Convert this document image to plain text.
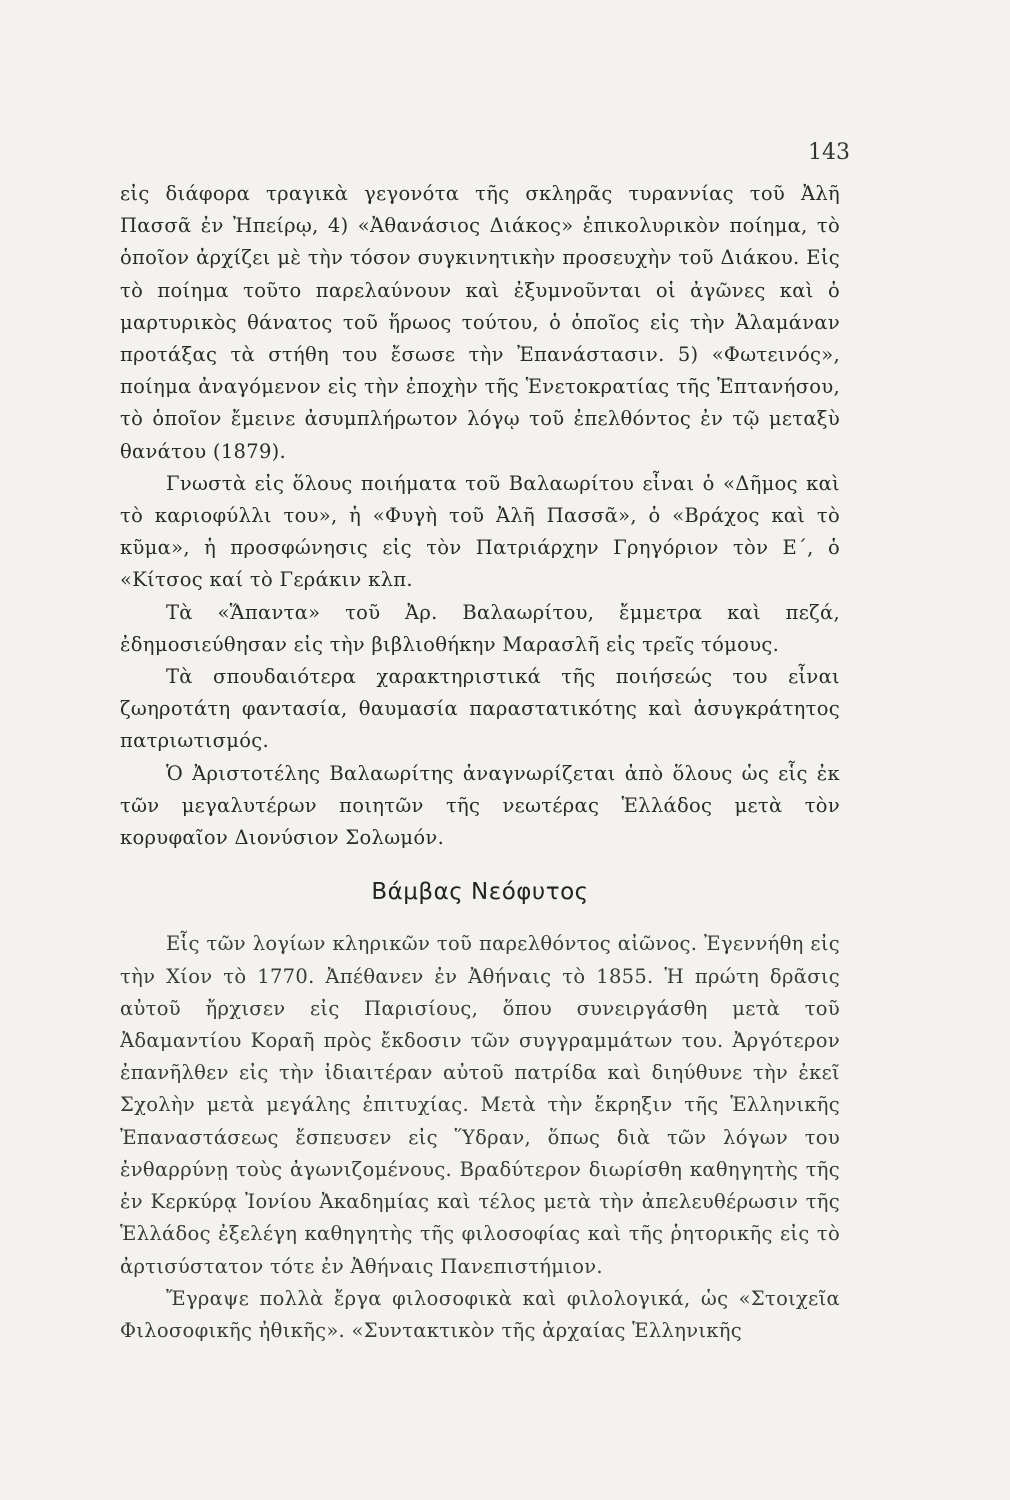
143

εἰς διάφορα τραγικὰ γεγονότα τῆς σκληρᾶς τυραννίας τοῦ Ἀλῆ Πασσᾶ ἐν Ἠπείρῳ, 4) «Ἀθανάσιος Διάκος» ἐπικολυρικὸν ποίημα, τὸ ὁποῖον ἀρχίζει μὲ τὴν τόσον συγκινητικὴν προσευχὴν τοῦ Διάκου. Εἰς τὸ ποίημα τοῦτο παρελαύνουν καὶ ἐξυμνοῦνται οἱ ἀγῶνες καὶ ὁ μαρτυρικὸς θάνατος τοῦ ἥρωος τούτου, ὁ ὁποῖος εἰς τὴν Ἀλαμάναν προτάξας τὰ στήθη του ἔσωσε τὴν Ἐπανάστασιν. 5) «Φωτεινός», ποίημα ἀναγόμενον εἰς τὴν ἐποχὴν τῆς Ἑνετοκρατίας τῆς Ἑπτανήσου, τὸ ὁποῖον ἔμεινε ἀσυμπλήρωτον λόγῳ τοῦ ἐπελθόντος ἐν τῷ μεταξὺ θανάτου (1879).

Γνωστὰ εἰς ὅλους ποιήματα τοῦ Βαλαωρίτου εἶναι ὁ «Δῆμος καὶ τὸ καριοφύλλι του», ἡ «Φυγὴ τοῦ Ἀλῆ Πασσᾶ», ὁ «Βράχος καὶ τὸ κῦμα», ἡ προσφώνησις εἰς τὸν Πατριάρχην Γρηγόριον τὸν Ε΄, ὁ «Κίτσος καί τὸ Γεράκιν κλπ.

Τὰ «Ἅπαντα» τοῦ Ἀρ. Βαλαωρίτου, ἔμμετρα καὶ πεζά, ἐδημοσιεύθησαν εἰς τὴν βιβλιοθήκην Μαρασλῆ εἰς τρεῖς τόμους.

Τὰ σπουδαιότερα χαρακτηριστικά τῆς ποιήσεώς του εἶναι ζωηροτάτη φαντασία, θαυμασία παραστατικότης καὶ ἀσυγκράτητος πατριωτισμός.

Ὁ Ἀριστοτέλης Βαλαωρίτης ἀναγνωρίζεται ἀπὸ ὅλους ὡς εἷς ἐκ τῶν μεγαλυτέρων ποιητῶν τῆς νεωτέρας Ἑλλάδος μετὰ τὸν κορυφαῖον Διονύσιον Σολωμόν.

Βάμβας Νεόφυτος

Εἷς τῶν λογίων κληρικῶν τοῦ παρελθόντος αἰῶνος. Ἐγεννήθη εἰς τὴν Χίον τὸ 1770. Ἀπέθανεν ἐν Ἀθήναις τὸ 1855. Ἡ πρώτη δρᾶσις αὐτοῦ ἤρχισεν εἰς Παρισίους, ὅπου συνειργάσθη μετὰ τοῦ Ἀδαμαντίου Κοραῆ πρὸς ἔκδοσιν τῶν συγγραμμάτων του. Ἀργότερον ἐπανῆλθεν εἰς τὴν ἰδιαιτέραν αὐτοῦ πατρίδα καὶ διηύθυνε τὴν ἐκεῖ Σχολὴν μετὰ μεγάλης ἐπιτυχίας. Μετὰ τὴν ἔκρηξιν τῆς Ἑλληνικῆς Ἐπαναστάσεως ἔσπευσεν εἰς Ὕδραν, ὅπως διὰ τῶν λόγων του ἐνθαρρύνῃ τοὺς ἀγωνιζομένους. Βραδύτερον διωρίσθη καθηγητὴς τῆς ἐν Κερκύρᾳ Ἰονίου Ἀκαδημίας καὶ τέλος μετὰ τὴν ἀπελευθέρωσιν τῆς Ἑλλάδος ἐξελέγη καθηγητὴς τῆς φιλοσοφίας καὶ τῆς ῥητορικῆς εἰς τὸ ἀρτισύστατον τότε ἐν Ἀθήναις Πανεπιστήμιον.

Ἔγραψε πολλὰ ἔργα φιλοσοφικὰ καὶ φιλολογικά, ὡς «Στοιχεῖα Φιλοσοφικῆς ἠθικῆς». «Συντακτικὸν τῆς ἀρχαίας Ἑλληνικῆς
